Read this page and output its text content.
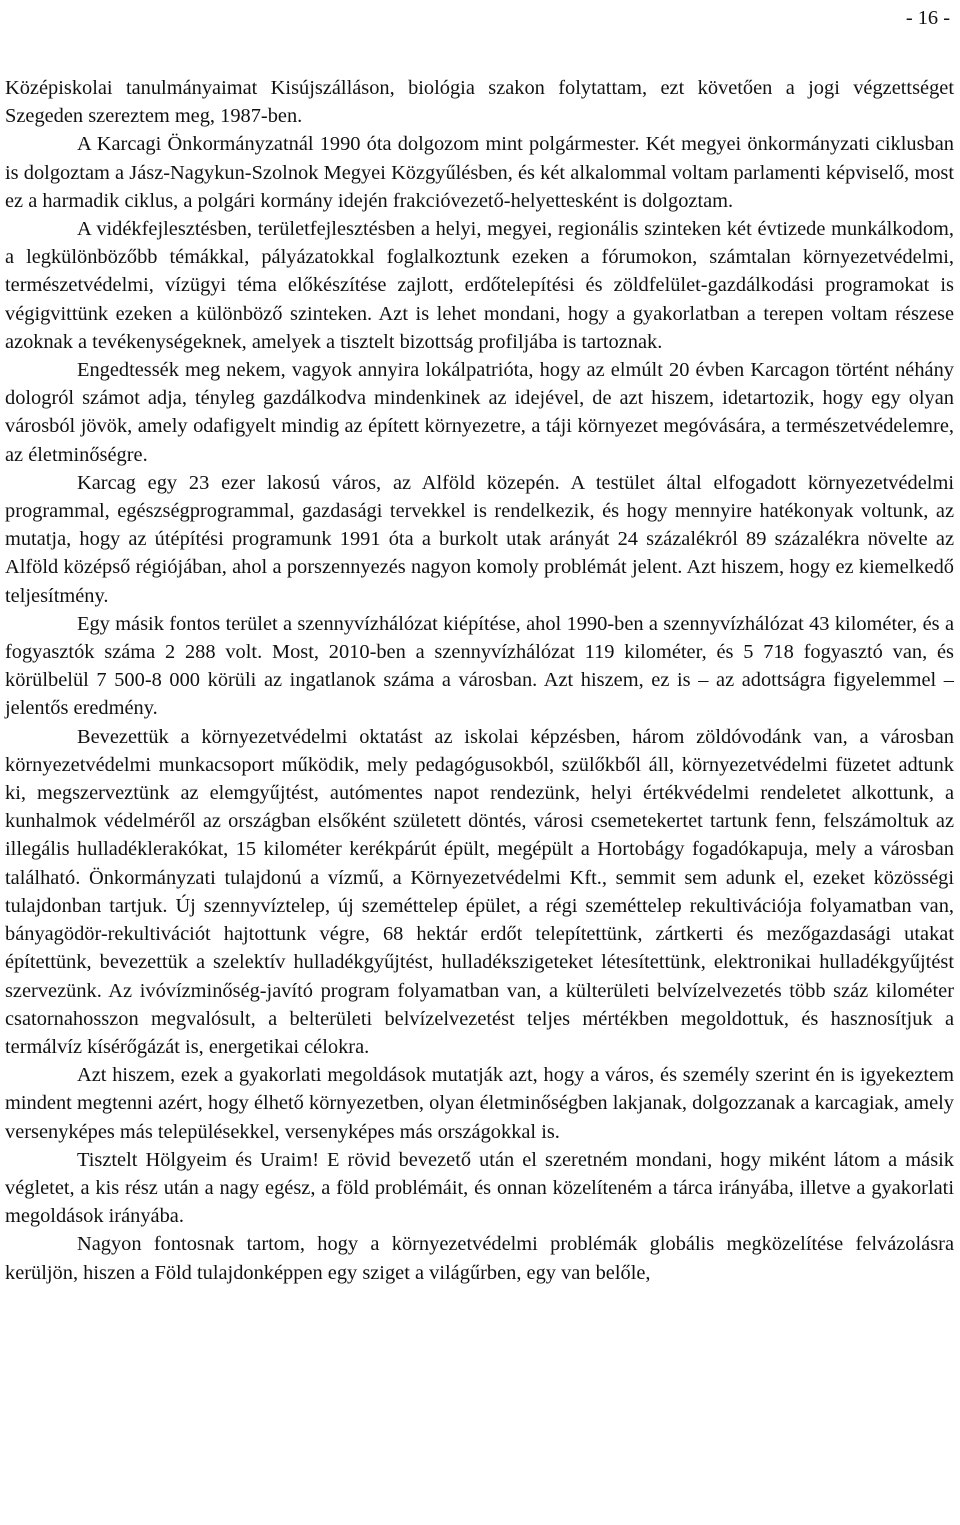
- 16 -

Középiskolai tanulmányaimat Kisújszálláson, biológia szakon folytattam, ezt követően a jogi végzettséget Szegeden szereztem meg, 1987-ben.

A Karcagi Önkormányzatnál 1990 óta dolgozom mint polgármester. Két megyei önkormányzati ciklusban is dolgoztam a Jász-Nagykun-Szolnok Megyei Közgyűlésben, és két alkalommal voltam parlamenti képviselő, most ez a harmadik ciklus, a polgári kormány idején frakcióvezető-helyettesként is dolgoztam.

A vidékfejlesztésben, területfejlesztésben a helyi, megyei, regionális szinteken két évtizede munkálkodom, a legkülönbözőbb témákkal, pályázatokkal foglalkoztunk ezeken a fórumokon, számtalan környezetvédelmi, természetvédelmi, vízügyi téma előkészítése zajlott, erdőtelepítési és zöldfelület-gazdálkodási programokat is végigvittünk ezeken a különböző szinteken. Azt is lehet mondani, hogy a gyakorlatban a terepen voltam részese azoknak a tevékenységeknek, amelyek a tisztelt bizottság profiljába is tartoznak.

Engedtessék meg nekem, vagyok annyira lokálpatrióta, hogy az elmúlt 20 évben Karcagon történt néhány dologról számot adja, tényleg gazdálkodva mindenkinek az idejével, de azt hiszem, idetartozik, hogy egy olyan városból jövök, amely odafigyelt mindig az épített környezetre, a táji környezet megóvására, a természetvédelemre, az életminőségre.

Karcag egy 23 ezer lakosú város, az Alföld közepén. A testület által elfogadott környezetvédelmi programmal, egészségprogrammal, gazdasági tervekkel is rendelkezik, és hogy mennyire hatékonyak voltunk, az mutatja, hogy az útépítési programunk 1991 óta a burkolt utak arányát 24 százalékról 89 százalékra növelte az Alföld középső régiójában, ahol a porszennyezés nagyon komoly problémát jelent. Azt hiszem, hogy ez kiemelkedő teljesítmény.

Egy másik fontos terület a szennyvízhálózat kiépítése, ahol 1990-ben a szennyvízhálózat 43 kilométer, és a fogyasztók száma 2 288 volt. Most, 2010-ben a szennyvízhálózat 119 kilométer, és 5 718 fogyasztó van, és körülbelül 7 500-8 000 körüli az ingatlanok száma a városban. Azt hiszem, ez is – az adottságra figyelemmel – jelentős eredmény.

Bevezettük a környezetvédelmi oktatást az iskolai képzésben, három zöldóvodánk van, a városban környezetvédelmi munkacsoport működik, mely pedagógusokból, szülőkből áll, környezetvédelmi füzetet adtunk ki, megszerveztünk az elemgyűjtést, autómentes napot rendezünk, helyi értékvédelmi rendeletet alkottunk, a kunhalmok védelméről az országban elsőként született döntés, városi csemetekertet tartunk fenn, felszámoltuk az illegális hulladéklerakókat, 15 kilométer kerékpárút épült, megépült a Hortobágy fogadókapuja, mely a városban található. Önkormányzati tulajdonú a vízmű, a Környezetvédelmi Kft., semmit sem adunk el, ezeket közösségi tulajdonban tartjuk. Új szennyvíztelep, új szeméttelep épület, a régi szeméttelep rekultivációja folyamatban van, bányagödör-rekultivációt hajtottunk végre, 68 hektár erdőt telepítettünk, zártkerti és mezőgazdasági utakat építettünk, bevezettük a szelektív hulladékgyűjtést, hulladékszigeteket létesítettünk, elektronikai hulladékgyűjtést szervezünk. Az ivóvízminőség-javító program folyamatban van, a külterületi belvízelvezetés több száz kilométer csatornahosszon megvalósult, a belterületi belvízelvezetést teljes mértékben megoldottuk, és hasznosítjuk a termálvíz kísérőgázát is, energetikai célokra.

Azt hiszem, ezek a gyakorlati megoldások mutatják azt, hogy a város, és személy szerint én is igyekeztem mindent megtenni azért, hogy élhető környezetben, olyan életminőségben lakjanak, dolgozzanak a karcagiak, amely versenyképes más településekkel, versenyképes más országokkal is.

Tisztelt Hölgyeim és Uraim! E rövid bevezető után el szeretném mondani, hogy miként látom a másik végletet, a kis rész után a nagy egész, a föld problémáit, és onnan közelíteném a tárca irányába, illetve a gyakorlati megoldások irányába.

Nagyon fontosnak tartom, hogy a környezetvédelmi problémák globális megközelítése felvázolásra kerüljön, hiszen a Föld tulajdonképpen egy sziget a világűrben, egy van belőle,
